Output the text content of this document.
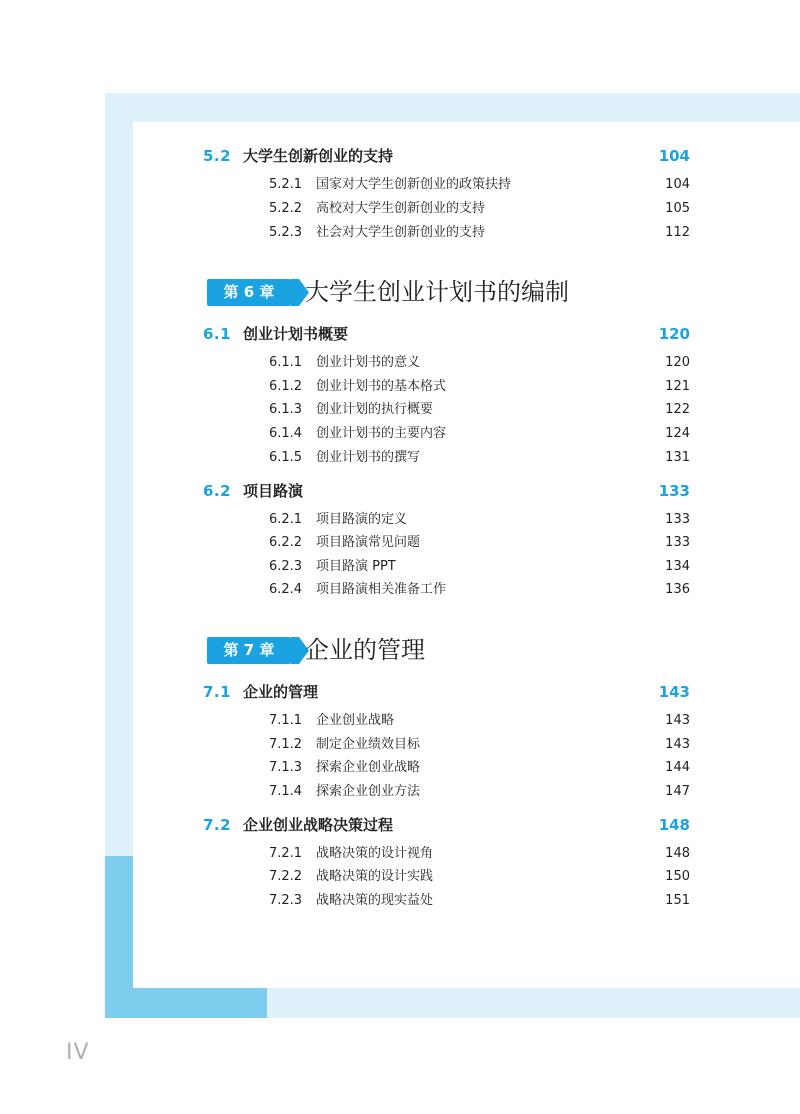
5.2 大学生创新创业的支持	104
5.2.1 国家对大学生创新创业的政策扶持	104
5.2.2 高校对大学生创新创业的支持	105
5.2.3 社会对大学生创新创业的支持	112
第 6 章	大学生创业计划书的编制
6.1 创业计划书概要	120
6.1.1 创业计划书的意义	120
6.1.2 创业计划书的基本格式	121
6.1.3 创业计划的执行概要	122
6.1.4 创业计划书的主要内容	124
6.1.5 创业计划书的撰写	131
6.2 项目路演	133
6.2.1 项目路演的定义	133
6.2.2 项目路演常见问题	133
6.2.3 项目路演 PPT	134
6.2.4 项目路演相关准备工作	136
第 7 章	企业的管理
7.1 企业的管理	143
7.1.1 企业创业战略	143
7.1.2 制定企业绩效目标	143
7.1.3 探索企业创业战略	144
7.1.4 探索企业创业方法	147
7.2 企业创业战略决策过程	148
7.2.1 战略决策的设计视角	148
7.2.2 战略决策的设计实践	150
7.2.3 战略决策的现实益处	151
IV
